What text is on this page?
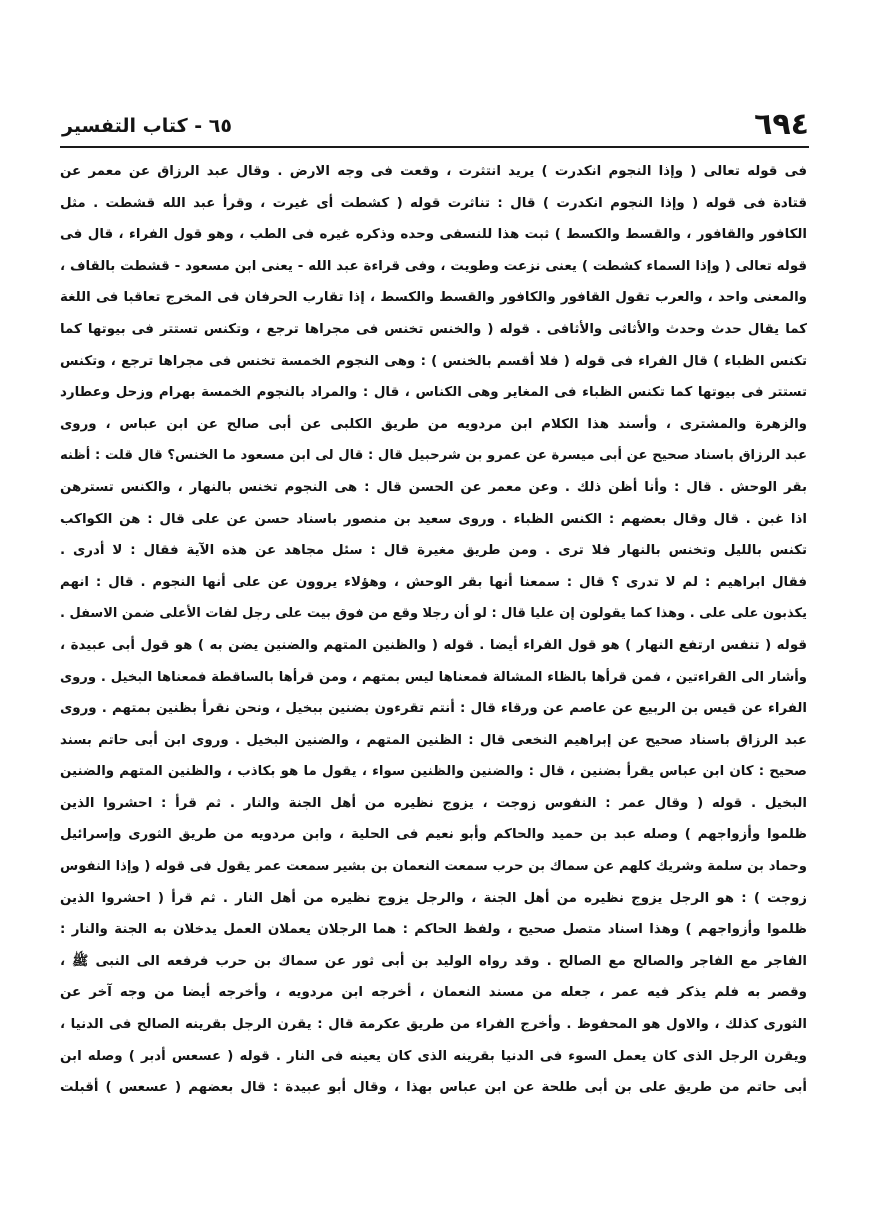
٦٩٤
٦٥ - كتاب التفسير
فى قوله تعالى ( وإذا النجوم انكدرت ) يريد انتثرت ، وقعت فى وجه الارض . وقال عبد الرزاق عن معمر عن
قتادة فى قوله ( وإذا النجوم انكدرت ) قال : تناثرت قوله ( كشطت أى غيرت ، وقرأ عبد الله قشطت . مثل
الكافور والقافور ، والقسط والكسط ) ثبت هذا للنسفى وحده وذكره غيره فى الطب ، وهو قول الفراء ، قال فى
قوله تعالى ( وإذا السماء كشطت ) يعنى نزعت وطويت ، وفى قراءة عبد الله - يعنى ابن مسعود - قشطت بالقاف ،
والمعنى واحد ، والعرب تقول القافور والكافور والقسط والكسط ، إذا تقارب الحرفان فى المخرج تعاقبا فى اللغة
كما يقال حدث وحدث والأثاثى والأثافى . قوله ( والخنس تخنس فى مجراها ترجع ، وتكنس تستتر فى بيوتها كما
تكنس الظباء ) قال الفراء فى قوله ( فلا أقسم بالخنس ) : وهى النجوم الخمسة تخنس فى مجراها ترجع ، وتكنس
تستتر فى بيوتها كما تكنس الظباء فى المغاير وهى الكناس ، قال : والمراد بالنجوم الخمسة بهرام وزحل وعطارد
والزهرة والمشترى ، وأسند هذا الكلام ابن مردويه من طريق الكلبى عن أبى صالح عن ابن عباس ، وروى
عبد الرزاق باسناد صحيح عن أبى ميسرة عن عمرو بن شرحبيل قال : قال لى ابن مسعود ما الخنس؟ قال قلت : أظنه
بقر الوحش . قال : وأنا أظن ذلك . وعن معمر عن الحسن قال : هى النجوم تخنس بالنهار ، والكنس تسترهن
اذا غبن . قال وقال بعضهم : الكنس الظباء . وروى سعيد بن منصور باسناد حسن عن على قال : هن الكواكب
تكنس بالليل وتخنس بالنهار فلا ترى . ومن طريق مغيرة قال : سئل مجاهد عن هذه الآية فقال : لا أدرى .
فقال ابراهيم : لم لا تدرى ؟ قال : سمعنا أنها بقر الوحش ، وهؤلاء يروون عن على أنها النجوم . قال : انهم
يكذبون على على . وهذا كما يقولون إن عليا قال : لو أن رجلا وقع من فوق بيت على رجل لفات الأعلى ضمن الاسفل .
قوله ( تنفس ارتفع النهار ) هو قول الفراء أيضا . قوله ( والظنين المتهم والضنين يضن به ) هو قول أبى عبيدة ،
وأشار الى القراءتين ، فمن قرأها بالظاء المشالة فمعناها ليس بمتهم ، ومن قرأها بالساقطة فمعناها البخيل . وروى
الفراء عن قيس بن الربيع عن عاصم عن ورقاء قال : أنتم تقرءون بضنين ببخيل ، ونحن نقرأ بظنين بمتهم . وروى
عبد الرزاق باسناد صحيح عن إبراهيم النخعى قال : الظنين المتهم ، والضنين البخيل . وروى ابن أبى حاتم بسند
صحيح : كان ابن عباس يقرأ بضنين ، قال : والضنين والظنين سواء ، يقول ما هو بكاذب ، والظنين المتهم والضنين
البخيل . قوله ( وقال عمر : النفوس زوجت ، يزوج نظيره من أهل الجنة والنار . ثم قرأ : احشروا الذين
ظلموا وأزواجهم ) وصله عبد بن حميد والحاكم وأبو نعيم فى الحلية ، وابن مردويه من طريق الثورى وإسرائيل
وحماد بن سلمة وشريك كلهم عن سماك بن حرب سمعت النعمان بن بشير سمعت عمر يقول فى قوله ( وإذا النفوس
زوجت ) : هو الرجل يزوج نظيره من أهل الجنة ، والرجل يزوج نظيره من أهل النار . ثم قرأ ( احشروا الذين
ظلموا وأزواجهم ) وهذا اسناد متصل صحيح ، ولفظ الحاكم : هما الرجلان يعملان العمل يدخلان به الجنة والنار :
الفاجر مع الفاجر والصالح مع الصالح . وقد رواه الوليد بن أبى ثور عن سماك بن حرب فرفعه الى النبى ﷺ ،
وقصر به فلم يذكر فيه عمر ، جعله من مسند النعمان ، أخرجه ابن مردويه ، وأخرجه أيضا من وجه آخر عن
الثورى كذلك ، والاول هو المحفوظ . وأخرج الفراء من طريق عكرمة قال : يقرن الرجل بقرينه الصالح فى الدنيا ،
ويقرن الرجل الذى كان يعمل السوء فى الدنيا بقرينه الذى كان يعينه فى النار . قوله ( عسعس أدبر ) وصله ابن
أبى حاتم من طريق على بن أبى طلحة عن ابن عباس بهذا ، وقال أبو عبيدة : قال بعضهم ( عسعس ) أقبلت
